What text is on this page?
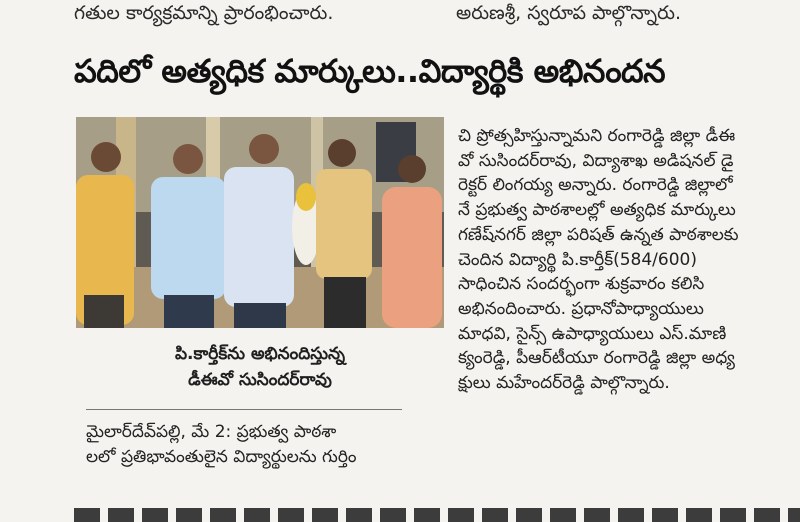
గతుల కార్యక్రమాన్ని ప్రారంభించారు.	అరుణశ్రీ, స్వరూప పాల్గొన్నారు.
పదిలో అత్యధిక మార్కులు..విద్యార్థికి అభినందన
పి.కార్తీక్‌ను అభినందిస్తున్న
డీఈవో సుసిందర్‌రావు
మైలార్‌దేవ్‌పల్లి, మే 2: ప్రభుత్వ పాఠశా
లలో ప్రతిభావంతులైన విద్యార్థులను గుర్తిం
చి ప్రోత్సహిస్తున్నామని రంగారెడ్డి జిల్లా డీఈ
వో సుసిందర్‌రావు, విద్యాశాఖ అడిషనల్ డై
రెక్టర్ లింగయ్య అన్నారు. రంగారెడ్డి జిల్లాలో
నే ప్రభుత్వ పాఠశాలల్లో అత్యధిక మార్కులు
గణేష్‌నగర్ జిల్లా పరిషత్ ఉన్నత పాఠశాలకు
చెందిన విద్యార్థి పి.కార్తీక్(584/600)
సాధించిన సందర్భంగా శుక్రవారం కలిసి
అభినందించారు. ప్రధానోపాధ్యాయులు
మాధవి, సైన్స్ ఉపాధ్యాయులు ఎస్.మాణి
క్యంరెడ్డి, పీఆర్‌టీయూ రంగారెడ్డి జిల్లా అధ్య
క్షులు మహేందర్‌రెడ్డి పాల్గొన్నారు.
